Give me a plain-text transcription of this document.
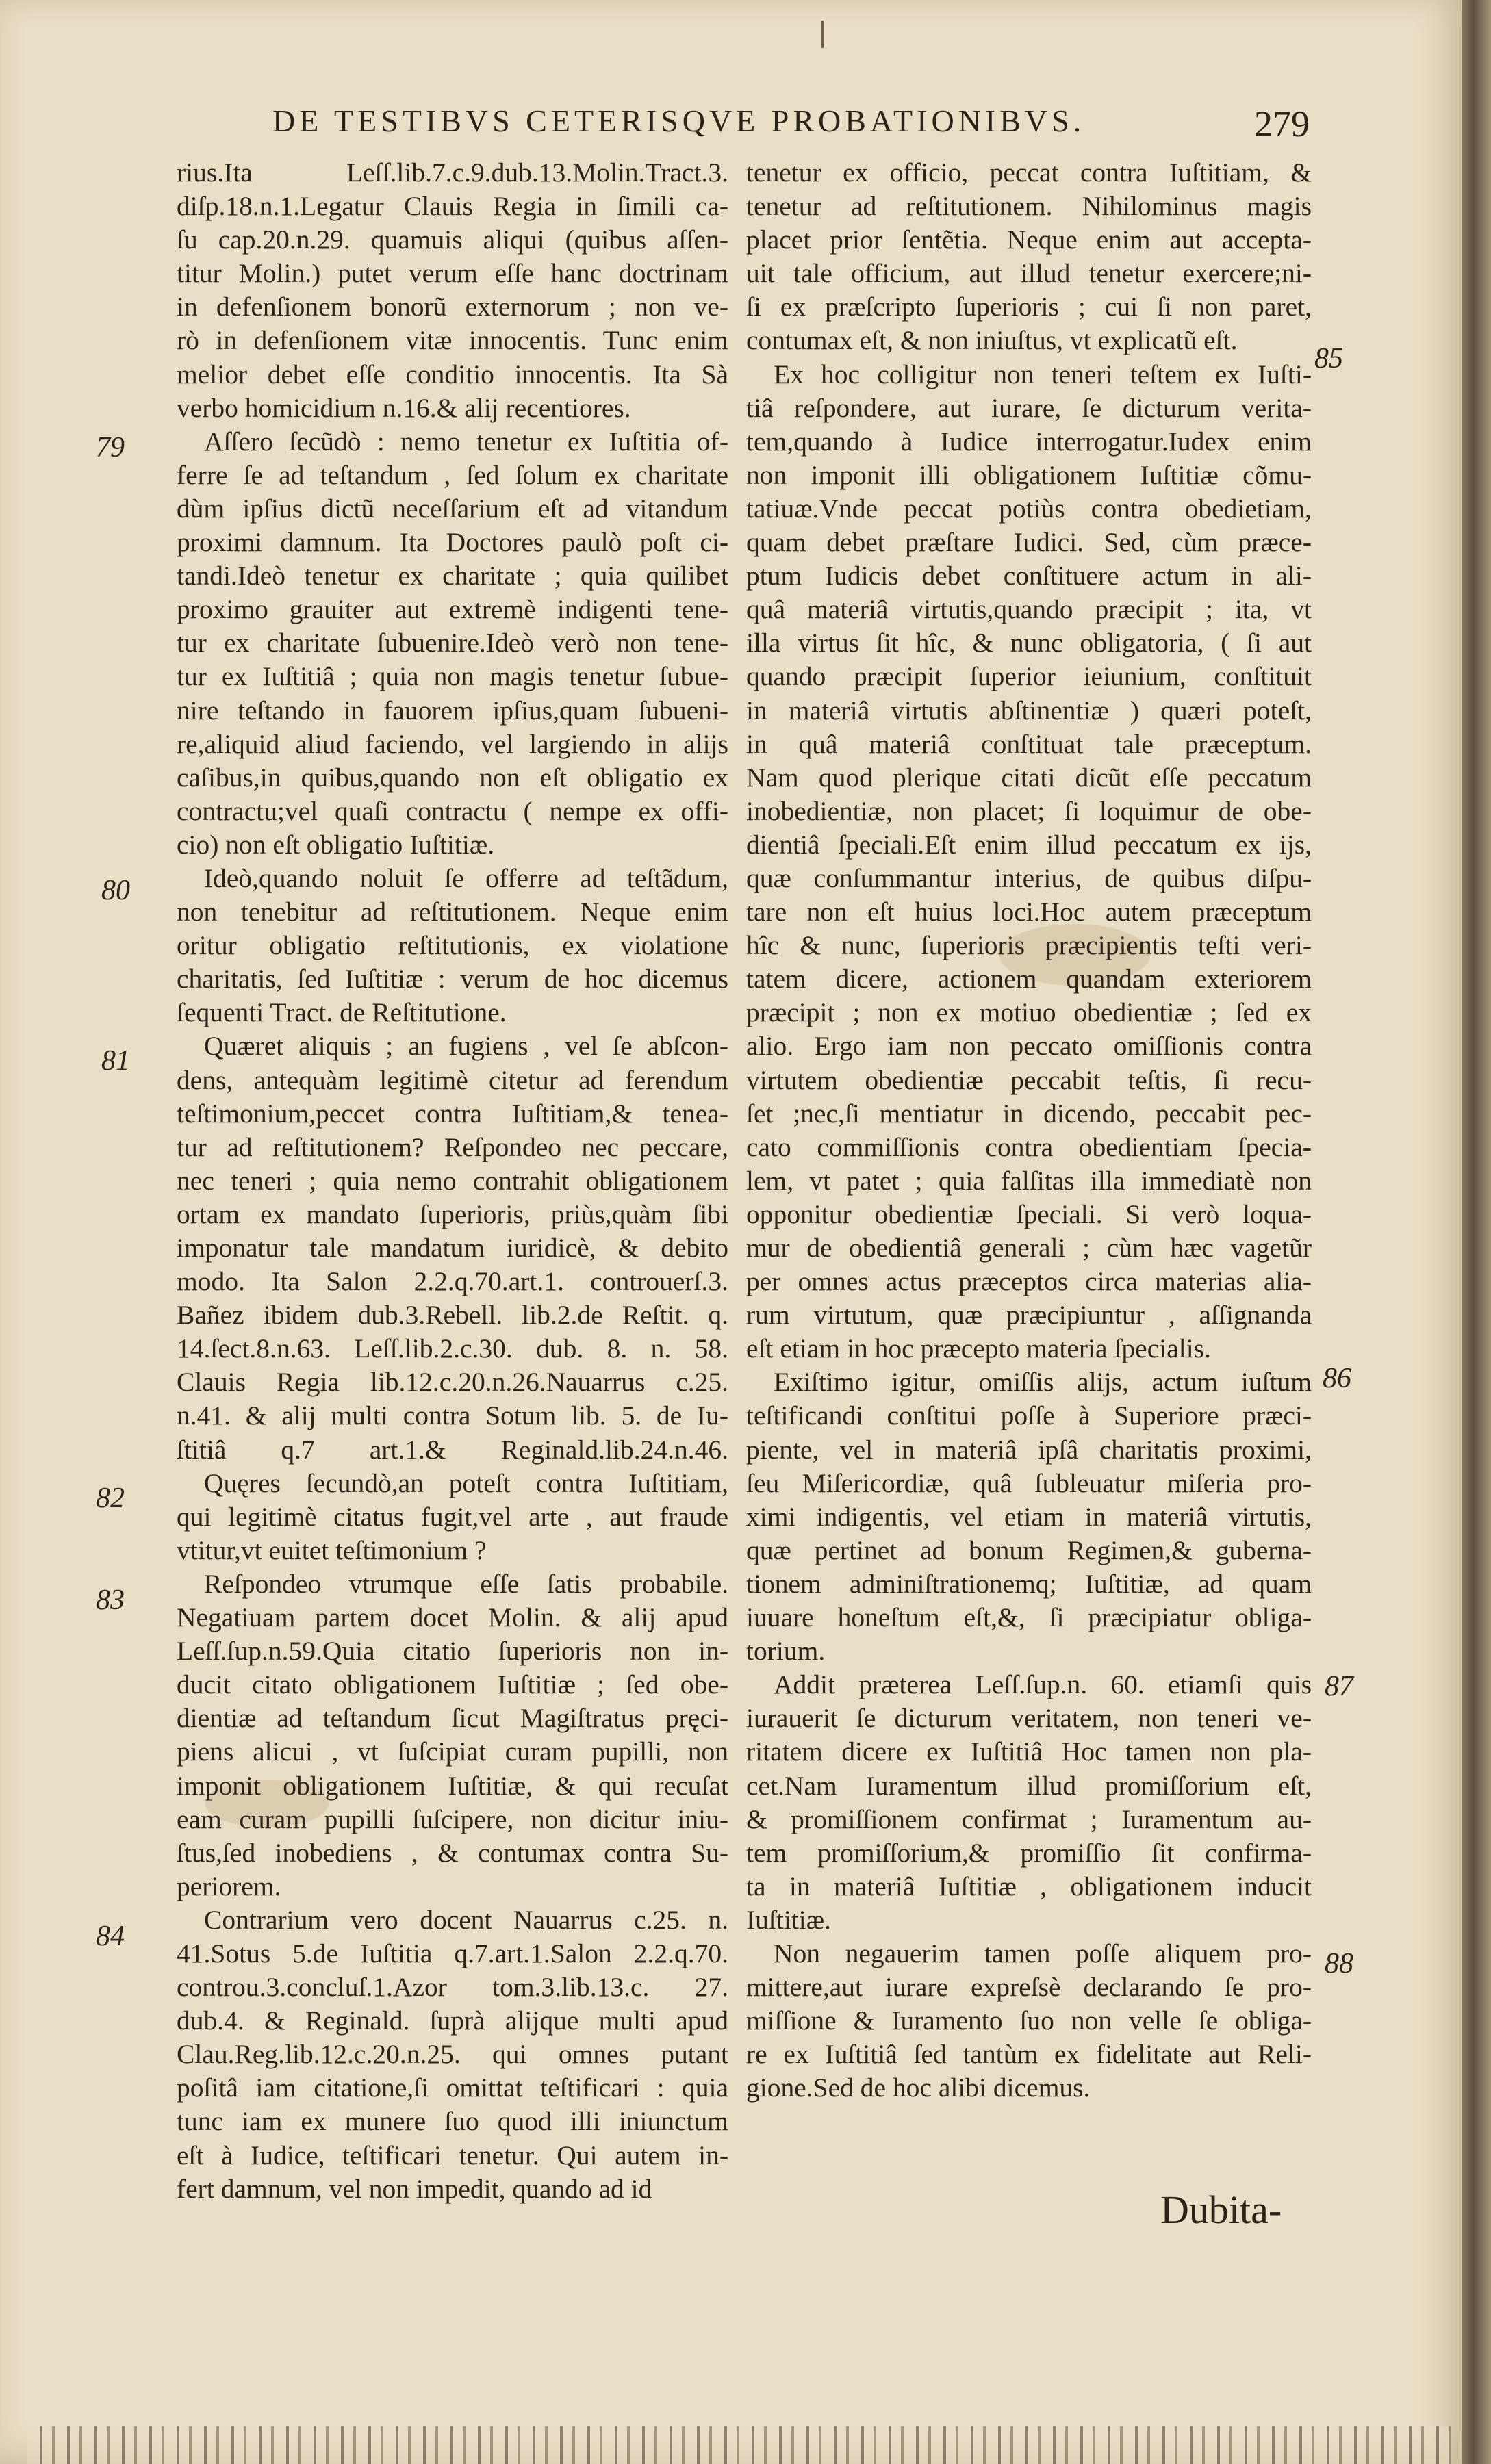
DE TESTIBVS CETERISQVE PROBATIONIBVS.	279
rius.Ita Leſſ.lib.7.c.9.dub.13.Molin.Tract.3.
diſp.18.n.1.Legatur Clauis Regia in ſimili ca-
ſu cap.20.n.29. quamuis aliqui (quibus aſſen-
titur Molin.) putet verum eſſe hanc doctrinam
in defenſionem bonorũ externorum ; non ve-
rò in defenſionem vitæ innocentis. Tunc enim
melior debet eſſe conditio innocentis. Ita Sà
verbo homicidium n.16.& alij recentiores.
Aſſero ſecũdò : nemo tenetur ex Iuſtitia of-
ferre ſe ad teſtandum , ſed ſolum ex charitate
dùm ipſius dictũ neceſſarium eſt ad vitandum
proximi damnum. Ita Doctores paulò poſt ci-
tandi.Ideò tenetur ex charitate ; quia quilibet
proximo grauiter aut extremè indigenti tene-
tur ex charitate ſubuenire.Ideò verò non tene-
tur ex Iuſtitiâ ; quia non magis tenetur ſubue-
nire teſtando in fauorem ipſius,quam ſubueni-
re,aliquid aliud faciendo, vel largiendo in alijs
caſibus,in quibus,quando non eſt obligatio ex
contractu;vel quaſi contractu ( nempe ex offi-
cio) non eſt obligatio Iuſtitiæ.
Ideò,quando noluit ſe offerre ad teſtãdum,
non tenebitur ad reſtitutionem. Neque enim
oritur obligatio reſtitutionis, ex violatione
charitatis, ſed Iuſtitiæ : verum de hoc dicemus
ſequenti Tract. de Reſtitutione.
Quæret aliquis ; an fugiens , vel ſe abſcon-
dens, antequàm legitimè citetur ad ferendum
teſtimonium,peccet contra Iuſtitiam,& tenea-
tur ad reſtitutionem? Reſpondeo nec peccare,
nec teneri ; quia nemo contrahit obligationem
ortam ex mandato ſuperioris, priùs,quàm ſibi
imponatur tale mandatum iuridicè, & debito
modo. Ita Salon 2.2.q.70.art.1. controuerſ.3.
Bañez ibidem dub.3.Rebell. lib.2.de Reſtit. q.
14.ſect.8.n.63. Leſſ.lib.2.c.30. dub. 8. n. 58.
Clauis Regia lib.12.c.20.n.26.Nauarrus c.25.
n.41. & alij multi contra Sotum lib. 5. de Iu-
ſtitiâ q.7 art.1.& Reginald.lib.24.n.46.
Quęres ſecundò,an poteſt contra Iuſtitiam,
qui legitimè citatus fugit,vel arte , aut fraude
vtitur,vt euitet teſtimonium ?
Reſpondeo vtrumque eſſe ſatis probabile.
Negatiuam partem docet Molin. & alij apud
Leſſ.ſup.n.59.Quia citatio ſuperioris non in-
ducit citato obligationem Iuſtitiæ ; ſed obe-
dientiæ ad teſtandum ſicut Magiſtratus pręci-
piens alicui , vt ſuſcipiat curam pupilli, non
imponit obligationem Iuſtitiæ, & qui recuſat
eam curam pupilli ſuſcipere, non dicitur iniu-
ſtus,ſed inobediens , & contumax contra Su-
periorem.
Contrarium vero docent Nauarrus c.25. n.
41.Sotus 5.de Iuſtitia q.7.art.1.Salon 2.2.q.70.
controu.3.concluſ.1.Azor tom.3.lib.13.c. 27.
dub.4. & Reginald. ſuprà alijque multi apud
Clau.Reg.lib.12.c.20.n.25. qui omnes putant
poſitâ iam citatione,ſi omittat teſtificari : quia
tunc iam ex munere ſuo quod illi iniunctum
eſt à Iudice, teſtificari tenetur. Qui autem in-
fert damnum, vel non impedit, quando ad id
tenetur ex officio, peccat contra Iuſtitiam, &
tenetur ad reſtitutionem. Nihilominus magis
placet prior ſentẽtia. Neque enim aut accepta-
uit tale officium, aut illud tenetur exercere;ni-
ſi ex præſcripto ſuperioris ; cui ſi non paret,
contumax eſt, & non iniuſtus, vt explicatũ eſt.
Ex hoc colligitur non teneri teſtem ex Iuſti-
tiâ reſpondere, aut iurare, ſe dicturum verita-
tem,quando à Iudice interrogatur.Iudex enim
non imponit illi obligationem Iuſtitiæ cõmu-
tatiuæ.Vnde peccat potiùs contra obedietiam,
quam debet præſtare Iudici. Sed, cùm præce-
ptum Iudicis debet conſtituere actum in ali-
quâ materiâ virtutis,quando præcipit ; ita, vt
illa virtus ſit hîc, & nunc obligatoria, ( ſi aut
quando præcipit ſuperior ieiunium, conſtituit
in materiâ virtutis abſtinentiæ ) quæri poteſt,
in quâ materiâ conſtituat tale præceptum.
Nam quod plerique citati dicũt eſſe peccatum
inobedientiæ, non placet; ſi loquimur de obe-
dientiâ ſpeciali.Eſt enim illud peccatum ex ijs,
quæ conſummantur interius, de quibus diſpu-
tare non eſt huius loci.Hoc autem præceptum
hîc & nunc, ſuperioris præcipientis teſti veri-
tatem dicere, actionem quandam exteriorem
præcipit ; non ex motiuo obedientiæ ; ſed ex
alio. Ergo iam non peccato omiſſionis contra
virtutem obedientiæ peccabit teſtis, ſi recu-
ſet ;nec,ſi mentiatur in dicendo, peccabit pec-
cato commiſſionis contra obedientiam ſpecia-
lem, vt patet ; quia falſitas illa immediatè non
opponitur obedientiæ ſpeciali. Si verò loqua-
mur de obedientiâ generali ; cùm hæc vagetũr
per omnes actus præceptos circa materias alia-
rum virtutum, quæ præcipiuntur , aſſignanda
eſt etiam in hoc præcepto materia ſpecialis.
Exiſtimo igitur, omiſſis alijs, actum iuſtum
teſtificandi conſtitui poſſe à Superiore præci-
piente, vel in materiâ ipſâ charitatis proximi,
ſeu Miſericordiæ, quâ ſubleuatur miſeria pro-
ximi indigentis, vel etiam in materiâ virtutis,
quæ pertinet ad bonum Regimen,& guberna-
tionem adminiſtrationemq; Iuſtitiæ, ad quam
iuuare honeſtum eſt,&, ſi præcipiatur obliga-
torium.
Addit præterea Leſſ.ſup.n. 60. etiamſi quis
iurauerit ſe dicturum veritatem, non teneri ve-
ritatem dicere ex Iuſtitiâ Hoc tamen non pla-
cet.Nam Iuramentum illud promiſſorium eſt,
& promiſſionem confirmat ; Iuramentum au-
tem promiſſorium,& promiſſio ſit confirma-
ta in materiâ Iuſtitiæ , obligationem inducit
Iuſtitiæ.
Non negauerim tamen poſſe aliquem pro-
mittere,aut iurare expreſsè declarando ſe pro-
miſſione & Iuramento ſuo non velle ſe obliga-
re ex Iuſtitiâ ſed tantùm ex fidelitate aut Reli-
gione.Sed de hoc alibi dicemus.
79
80
81
82
83
84
85
86
87
88
Dubita-
